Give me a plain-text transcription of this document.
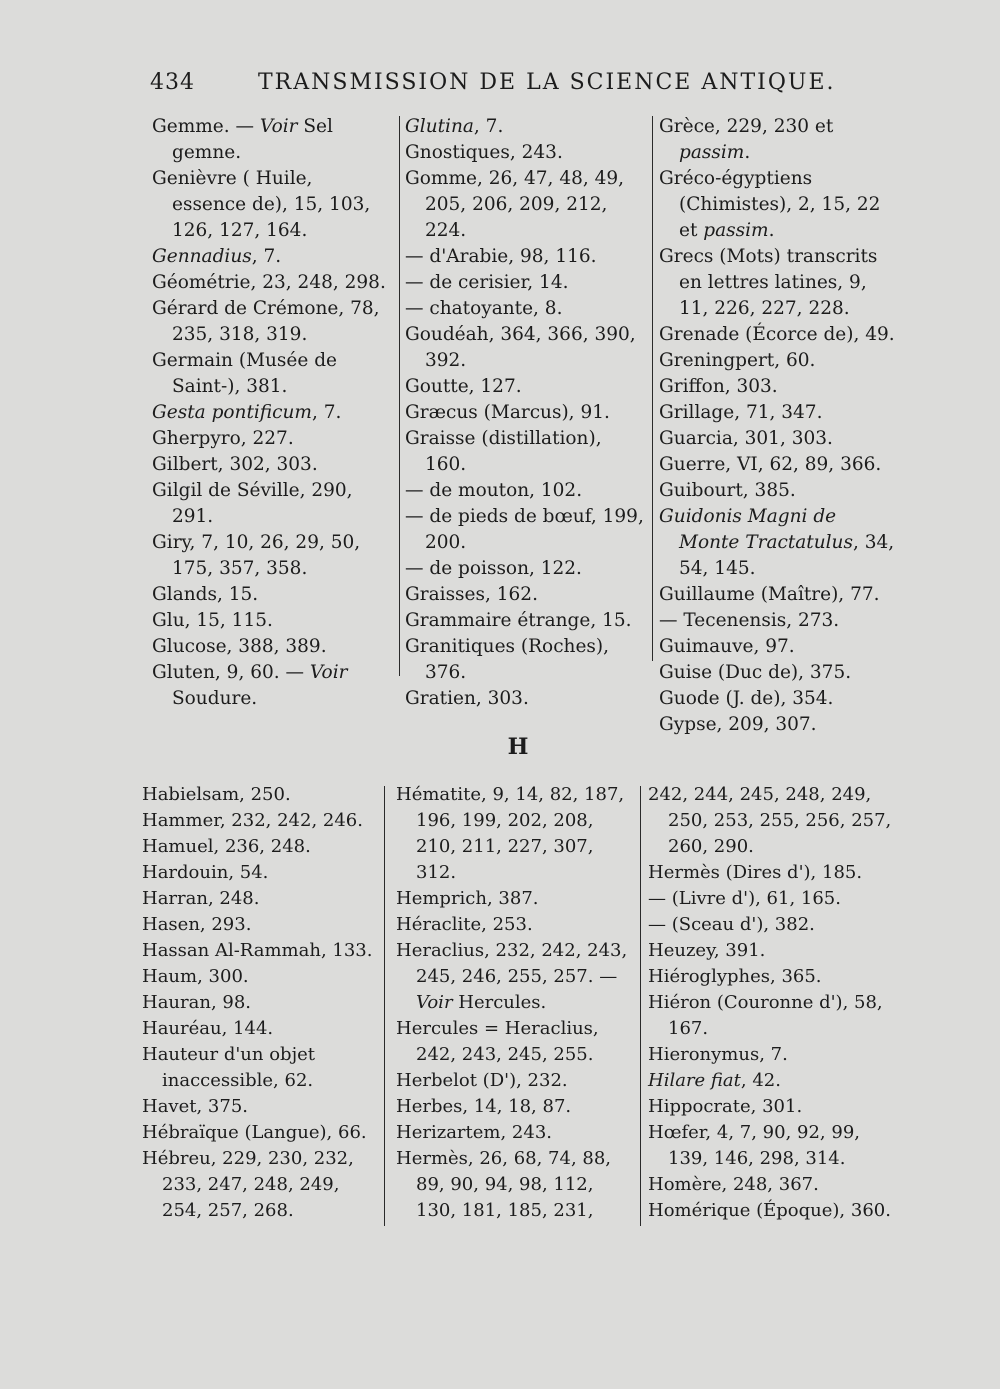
434	TRANSMISSION DE LA SCIENCE ANTIQUE.
Gemme. — Voir Sel gemne.
Genièvre ( Huile, essence de), 15, 103, 126, 127, 164.
Gennadius, 7.
Géométrie, 23, 248, 298.
Gérard de Crémone, 78, 235, 318, 319.
Germain (Musée de Saint-), 381.
Gesta pontificum, 7.
Gherpyro, 227.
Gilbert, 302, 303.
Gilgil de Séville, 290, 291.
Giry, 7, 10, 26, 29, 50, 175, 357, 358.
Glands, 15.
Glu, 15, 115.
Glucose, 388, 389.
Gluten, 9, 60. — Voir Soudure.
Glutina, 7.
Gnostiques, 243.
Gomme, 26, 47, 48, 49, 205, 206, 209, 212, 224.
— d'Arabie, 98, 116.
— de cerisier, 14.
— chatoyante, 8.
Goudéah, 364, 366, 390, 392.
Goutte, 127.
Græcus (Marcus), 91.
Graisse (distillation), 160.
— de mouton, 102.
— de pieds de bœuf, 199, 200.
— de poisson, 122.
Graisses, 162.
Grammaire étrange, 15.
Granitiques (Roches), 376.
Gratien, 303.
Grèce, 229, 230 et passim.
Gréco-égyptiens (Chimistes), 2, 15, 22 et passim.
Grecs (Mots) transcrits en lettres latines, 9, 11, 226, 227, 228.
Grenade (Écorce de), 49.
Greningpert, 60.
Griffon, 303.
Grillage, 71, 347.
Guarcia, 301, 303.
Guerre, VI, 62, 89, 366.
Guibourt, 385.
Guidonis Magni de Monte Tractatulus, 34, 54, 145.
Guillaume (Maître), 77.
— Tecenensis, 273.
Guimauve, 97.
Guise (Duc de), 375.
Guode (J. de), 354.
Gypse, 209, 307.
H
Habielsam, 250.
Hammer, 232, 242, 246.
Hamuel, 236, 248.
Hardouin, 54.
Harran, 248.
Hasen, 293.
Hassan Al-Rammah, 133.
Haum, 300.
Hauran, 98.
Hauréau, 144.
Hauteur d'un objet inaccessible, 62.
Havet, 375.
Hébraïque (Langue), 66.
Hébreu, 229, 230, 232, 233, 247, 248, 249, 254, 257, 268.
Hématite, 9, 14, 82, 187, 196, 199, 202, 208, 210, 211, 227, 307, 312.
Hemprich, 387.
Héraclite, 253.
Heraclius, 232, 242, 243, 245, 246, 255, 257. — Voir Hercules.
Hercules = Heraclius, 242, 243, 245, 255.
Herbelot (D'), 232.
Herbes, 14, 18, 87.
Herizartem, 243.
Hermès, 26, 68, 74, 88, 89, 90, 94, 98, 112, 130, 181, 185, 231,
242, 244, 245, 248, 249, 250, 253, 255, 256, 257, 260, 290.
Hermès (Dires d'), 185.
— (Livre d'), 61, 165.
— (Sceau d'), 382.
Heuzey, 391.
Hiéroglyphes, 365.
Hiéron (Couronne d'), 58, 167.
Hieronymus, 7.
Hilare fiat, 42.
Hippocrate, 301.
Hœfer, 4, 7, 90, 92, 99, 139, 146, 298, 314.
Homère, 248, 367.
Homérique (Époque), 360.
